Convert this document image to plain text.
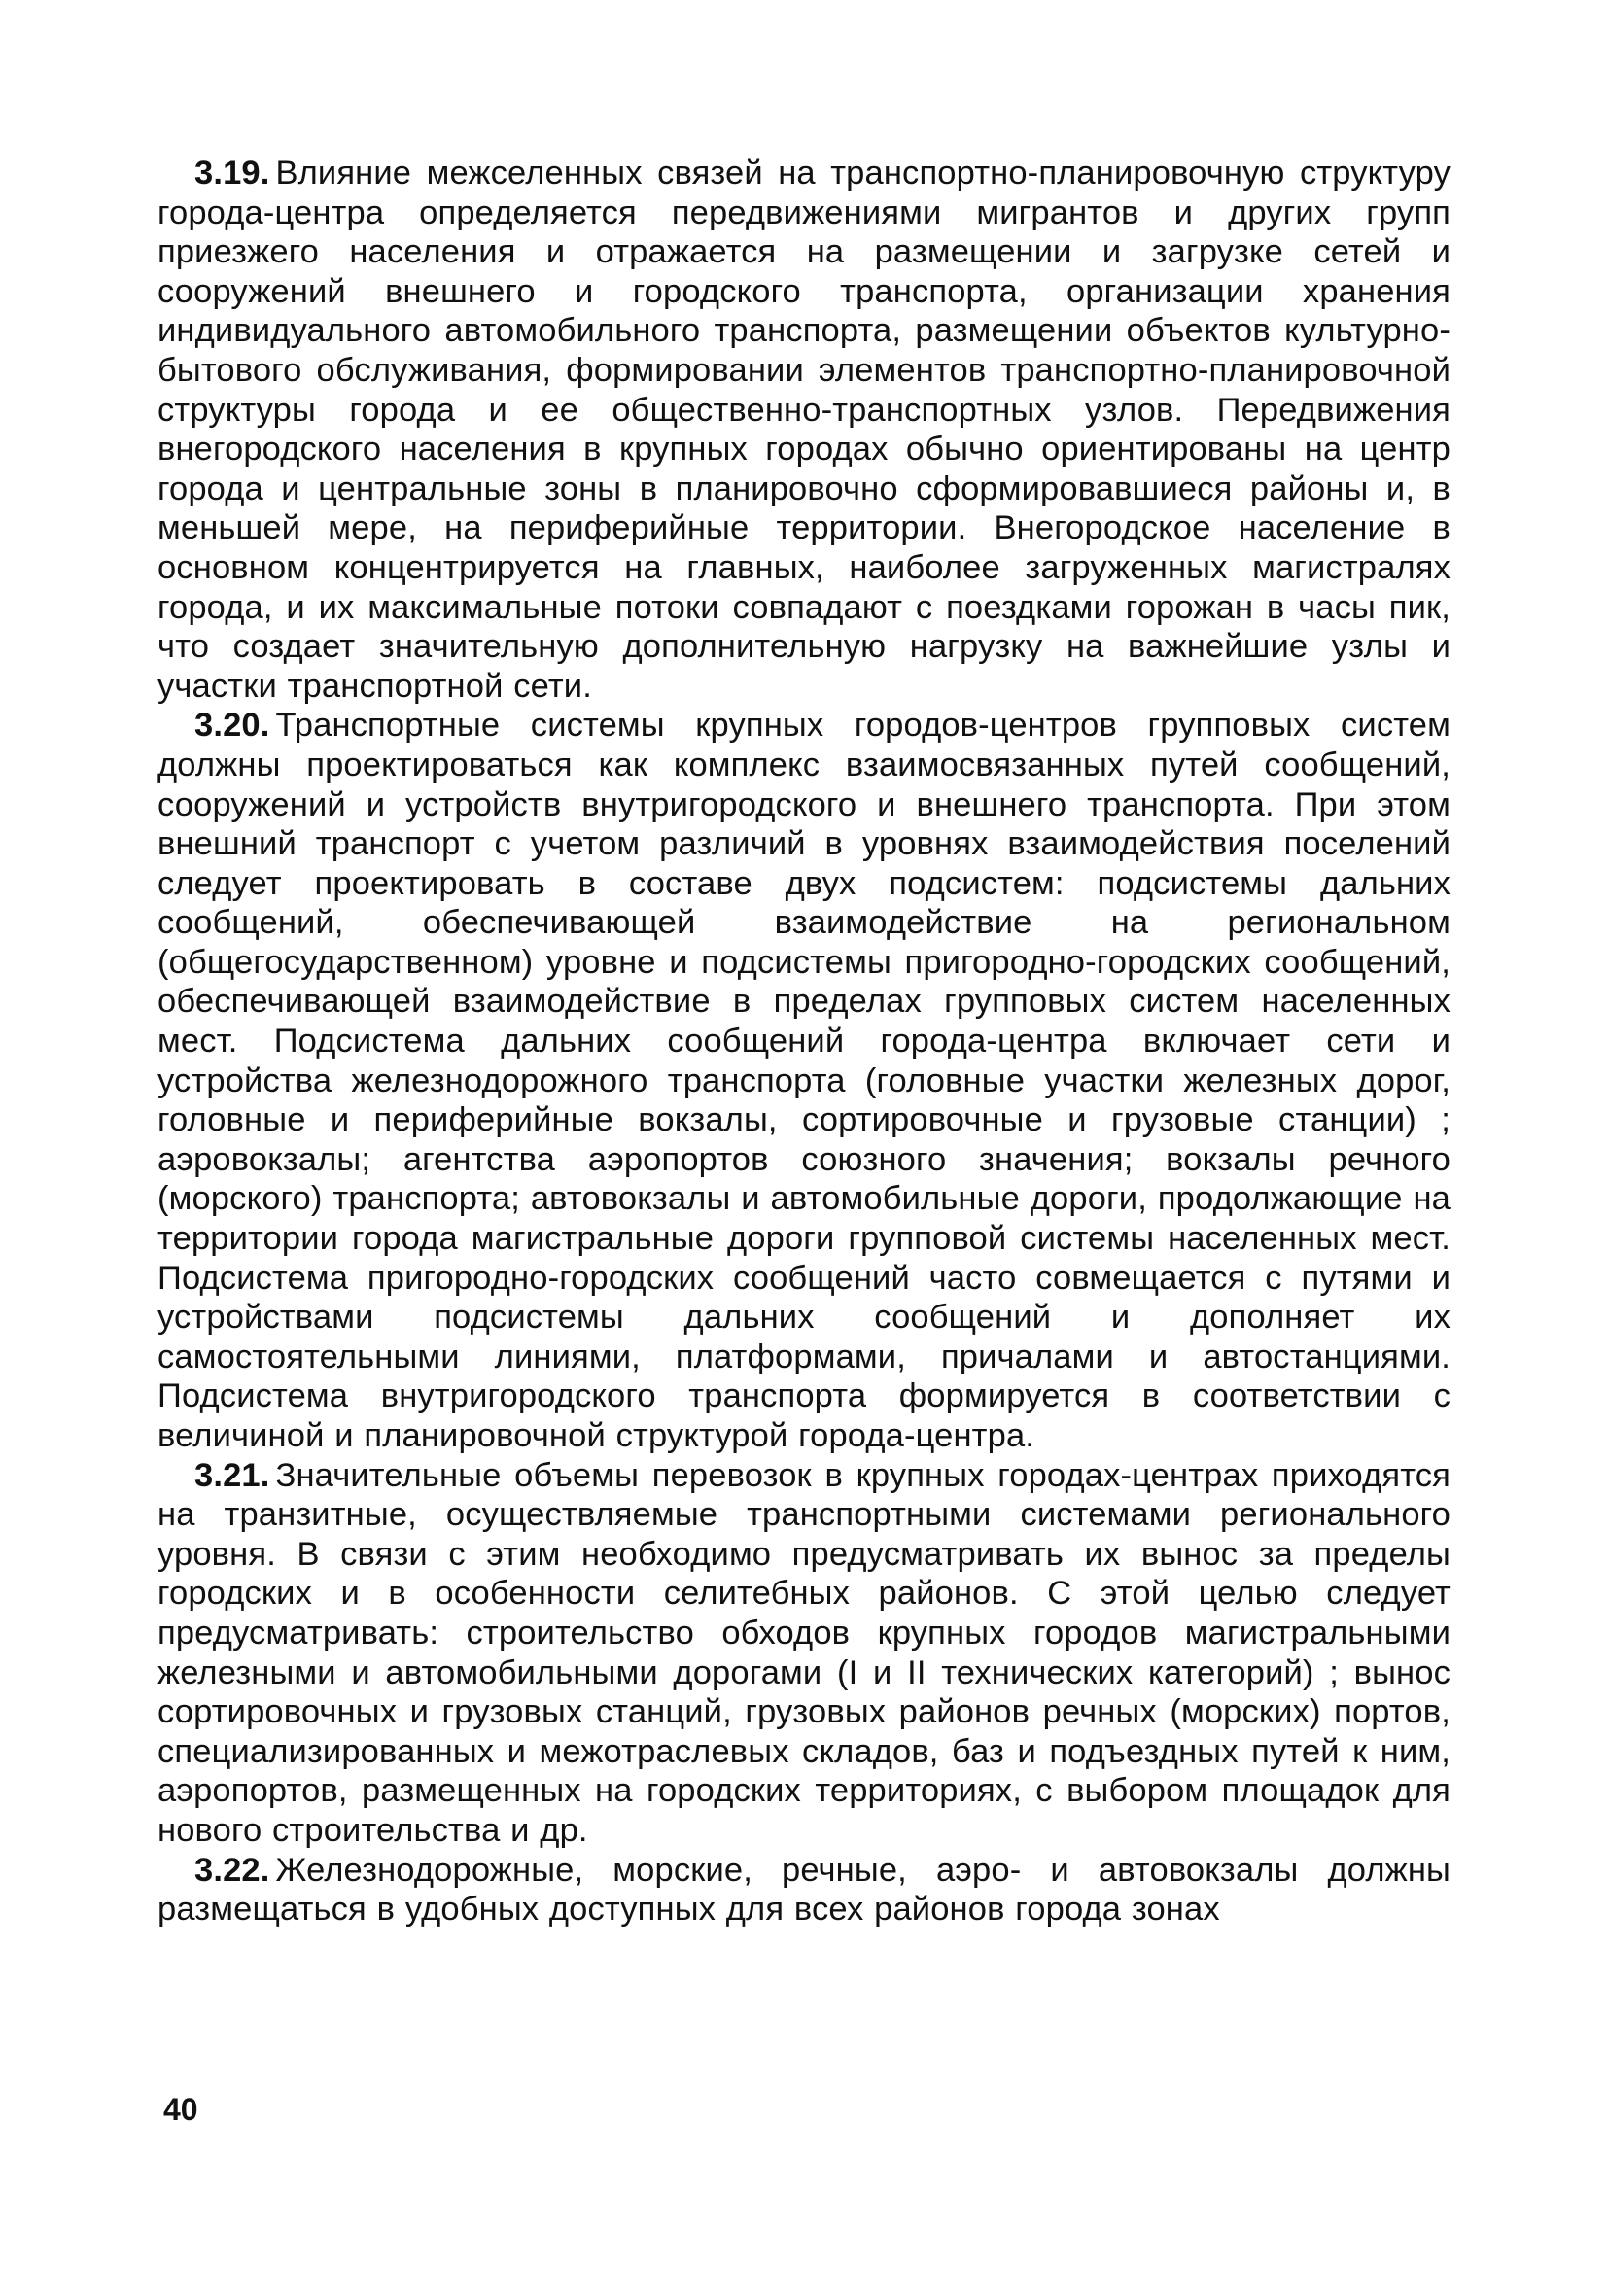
3.19. Влияние межселенных связей на транспортно-планировочную структуру города-центра определяется передвижениями мигрантов и других групп приезжего населения и отражается на размещении и загрузке сетей и сооружений внешнего и городского транспорта, организации хранения индивидуального автомобильного транспорта, размещении объектов культурно-бытового обслуживания, формировании элементов транспортно-планировочной структуры города и ее общественно-транспортных узлов. Передвижения внегородского населения в крупных городах обычно ориентированы на центр города и центральные зоны в планировочно сформировавшиеся районы и, в меньшей мере, на периферийные территории. Внегородское население в основном концентрируется на главных, наиболее загруженных магистралях города, и их максимальные потоки совпадают с поездками горожан в часы пик, что создает значительную дополнительную нагрузку на важнейшие узлы и участки транспортной сети.

3.20. Транспортные системы крупных городов-центров групповых систем должны проектироваться как комплекс взаимосвязанных путей сообщений, сооружений и устройств внутригородского и внешнего транспорта. При этом внешний транспорт с учетом различий в уровнях взаимодействия поселений следует проектировать в составе двух подсистем: подсистемы дальних сообщений, обеспечивающей взаимодействие на региональном (общегосударственном) уровне и подсистемы пригородно-городских сообщений, обеспечивающей взаимодействие в пределах групповых систем населенных мест. Подсистема дальних сообщений города-центра включает сети и устройства железнодорожного транспорта (головные участки железных дорог, головные и периферийные вокзалы, сортировочные и грузовые станции) ; аэровокзалы; агентства аэропортов союзного значения; вокзалы речного (морского) транспорта; автовокзалы и автомобильные дороги, продолжающие на территории города магистральные дороги групповой системы населенных мест. Подсистема пригородно-городских сообщений часто совмещается с путями и устройствами подсистемы дальних сообщений и дополняет их самостоятельными линиями, платформами, причалами и автостанциями. Подсистема внутригородского транспорта формируется в соответствии с величиной и планировочной структурой города-центра.

3.21. Значительные объемы перевозок в крупных городах-центрах приходятся на транзитные, осуществляемые транспортными системами регионального уровня. В связи с этим необходимо предусматривать их вынос за пределы городских и в особенности селитебных районов. С этой целью следует предусматривать: строительство обходов крупных городов магистральными железными и автомобильными дорогами (I и II технических категорий) ; вынос сортировочных и грузовых станций, грузовых районов речных (морских) портов, специализированных и межотраслевых складов, баз и подъездных путей к ним, аэропортов, размещенных на городских территориях, с выбором площадок для нового строительства и др.

3.22. Железнодорожные, морские, речные, аэро- и автовокзалы должны размещаться в удобных доступных для всех районов города зонах

40
